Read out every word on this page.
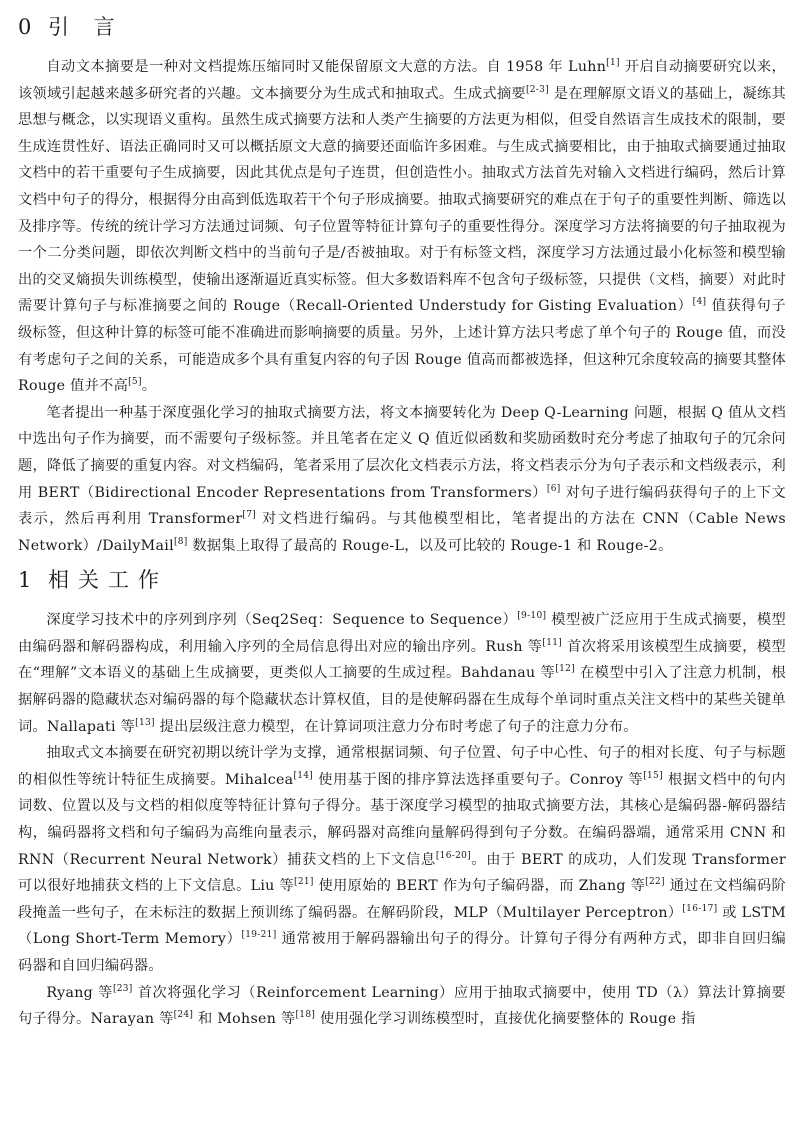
0 引 言

自动文本摘要是一种对文档提炼压缩同时又能保留原文大意的方法。自 1958 年 Luhn[1] 开启自动摘要研究以来，该领域引起越来越多研究者的兴趣。文本摘要分为生成式和抽取式。生成式摘要[2-3] 是在理解原文语义的基础上，凝练其思想与概念，以实现语义重构。虽然生成式摘要方法和人类产生摘要的方法更为相似，但受自然语言生成技术的限制，要生成连贯性好、语法正确同时又可以概括原文大意的摘要还面临许多困难。与生成式摘要相比，由于抽取式摘要通过抽取文档中的若干重要句子生成摘要，因此其优点是句子连贯，但创造性小。抽取式方法首先对输入文档进行编码，然后计算文档中句子的得分，根据得分由高到低选取若干个句子形成摘要。抽取式摘要研究的难点在于句子的重要性判断、筛选以及排序等。传统的统计学习方法通过词频、句子位置等特征计算句子的重要性得分。深度学习方法将摘要的句子抽取视为一个二分类问题，即依次判断文档中的当前句子是/否被抽取。对于有标签文档，深度学习方法通过最小化标签和模型输出的交叉熵损失训练模型，使输出逐渐逼近真实标签。但大多数语料库不包含句子级标签，只提供（文档，摘要）对此时需要计算句子与标准摘要之间的 Rouge（Recall-Oriented Understudy for Gisting Evaluation）[4] 值获得句子级标签，但这种计算的标签可能不准确进而影响摘要的质量。另外，上述计算方法只考虑了单个句子的 Rouge 值，而没有考虑句子之间的关系，可能造成多个具有重复内容的句子因 Rouge 值高而都被选择，但这种冗余度较高的摘要其整体 Rouge 值并不高[5]。

笔者提出一种基于深度强化学习的抽取式摘要方法，将文本摘要转化为 Deep Q-Learning 问题，根据 Q 值从文档中选出句子作为摘要，而不需要句子级标签。并且笔者在定义 Q 值近似函数和奖励函数时充分考虑了抽取句子的冗余问题，降低了摘要的重复内容。对文档编码，笔者采用了层次化文档表示方法，将文档表示分为句子表示和文档级表示，利用 BERT（Bidirectional Encoder Representations from Transformers）[6] 对句子进行编码获得句子的上下文表示，然后再利用 Transformer[7] 对文档进行编码。与其他模型相比，笔者提出的方法在 CNN（Cable News Network）/DailyMail[8] 数据集上取得了最高的 Rouge-L，以及可比较的 Rouge-1 和 Rouge-2。

1 相关工作

深度学习技术中的序列到序列（Seq2Seq：Sequence to Sequence）[9-10] 模型被广泛应用于生成式摘要，模型由编码器和解码器构成，利用输入序列的全局信息得出对应的输出序列。Rush 等[11] 首次将采用该模型生成摘要，模型在“理解”文本语义的基础上生成摘要，更类似人工摘要的生成过程。Bahdanau 等[12] 在模型中引入了注意力机制，根据解码器的隐藏状态对编码器的每个隐藏状态计算权值，目的是使解码器在生成每个单词时重点关注文档中的某些关键单词。Nallapati 等[13] 提出层级注意力模型，在计算词项注意力分布时考虑了句子的注意力分布。

抽取式文本摘要在研究初期以统计学为支撑，通常根据词频、句子位置、句子中心性、句子的相对长度、句子与标题的相似性等统计特征生成摘要。Mihalcea[14] 使用基于图的排序算法选择重要句子。Conroy 等[15] 根据文档中的句内词数、位置以及与文档的相似度等特征计算句子得分。基于深度学习模型的抽取式摘要方法，其核心是编码器-解码器结构，编码器将文档和句子编码为高维向量表示，解码器对高维向量解码得到句子分数。在编码器端，通常采用 CNN 和 RNN（Recurrent Neural Network）捕获文档的上下文信息[16-20]。由于 BERT 的成功，人们发现 Transformer 可以很好地捕获文档的上下文信息。Liu 等[21] 使用原始的 BERT 作为句子编码器，而 Zhang 等[22] 通过在文档编码阶段掩盖一些句子，在未标注的数据上预训练了编码器。在解码阶段，MLP（Multilayer Perceptron）[16-17] 或 LSTM（Long Short-Term Memory）[19-21] 通常被用于解码器输出句子的得分。计算句子得分有两种方式，即非自回归编码器和自回归编码器。

Ryang 等[23] 首次将强化学习（Reinforcement Learning）应用于抽取式摘要中，使用 TD（λ）算法计算摘要句子得分。Narayan 等[24] 和 Mohsen 等[18] 使用强化学习训练模型时，直接优化摘要整体的 Rouge 指
